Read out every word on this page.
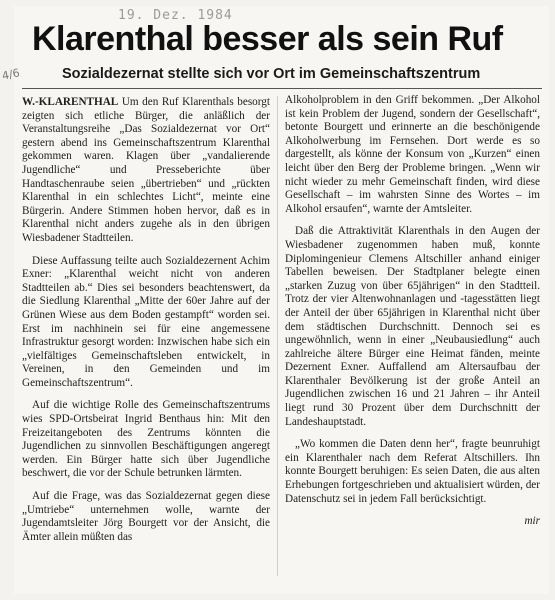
19. Dez. 1984
4/6
Klarenthal besser als sein Ruf
Sozialdezernat stellte sich vor Ort im Gemeinschaftszentrum

W.-KLARENTHAL Um den Ruf Klarenthals besorgt zeigten sich etliche Bürger, die anläßlich der Veranstaltungsreihe „Das Sozialdezernat vor Ort“ gestern abend ins Gemeinschaftszentrum Klarenthal gekommen waren. Klagen über „vandalierende Jugendliche“ und Presseberichte über Handtaschenraube seien „übertrieben“ und „rückten Klarenthal in ein schlechtes Licht“, meinte eine Bürgerin. Andere Stimmen hoben hervor, daß es in Klarenthal nicht anders zugehe als in den übrigen Wiesbadener Stadtteilen.

Diese Auffassung teilte auch Sozialdezernent Achim Exner: „Klarenthal weicht nicht von anderen Stadtteilen ab.“ Dies sei besonders beachtenswert, da die Siedlung Klarenthal „Mitte der 60er Jahre auf der Grünen Wiese aus dem Boden gestampft“ worden sei. Erst im nachhinein sei für eine angemessene Infrastruktur gesorgt worden: Inzwischen habe sich ein „vielfältiges Gemeinschaftsleben entwickelt, in Vereinen, in den Gemeinden und im Gemeinschaftszentrum“.

Auf die wichtige Rolle des Gemeinschaftszentrums wies SPD-Ortsbeirat Ingrid Benthaus hin: Mit den Freizeitangeboten des Zentrums könnten die Jugendlichen zu sinnvollen Beschäftigungen angeregt werden. Ein Bürger hatte sich über Jugendliche beschwert, die vor der Schule betrunken lärmten.

Auf die Frage, was das Sozialdezernat gegen diese „Umtriebe“ unternehmen wolle, warnte der Jugendamtsleiter Jörg Bourgett vor der Ansicht, die Ämter allein müßten das

Alkoholproblem in den Griff bekommen. „Der Alkohol ist kein Problem der Jugend, sondern der Gesellschaft“, betonte Bourgett und erinnerte an die beschönigende Alkoholwerbung im Fernsehen. Dort werde es so dargestellt, als könne der Konsum von „Kurzen“ einen leicht über den Berg der Probleme bringen. „Wenn wir nicht wieder zu mehr Gemeinschaft finden, wird diese Gesellschaft – im wahrsten Sinne des Wortes – im Alkohol ersaufen“, warnte der Amtsleiter.

Daß die Attraktivität Klarenthals in den Augen der Wiesbadener zugenommen haben muß, konnte Diplomingenieur Clemens Altschiller anhand einiger Tabellen beweisen. Der Stadtplaner belegte einen „starken Zuzug von über 65jährigen“ in den Stadtteil. Trotz der vier Altenwohnanlagen und -tagesstätten liegt der Anteil der über 65jährigen in Klarenthal nicht über dem städtischen Durchschnitt. Dennoch sei es ungewöhnlich, wenn in einer „Neubausiedlung“ auch zahlreiche ältere Bürger eine Heimat fänden, meinte Dezernent Exner. Auffallend am Altersaufbau der Klarenthaler Bevölkerung ist der große Anteil an Jugendlichen zwischen 16 und 21 Jahren – ihr Anteil liegt rund 30 Prozent über dem Durchschnitt der Landeshauptstadt.

„Wo kommen die Daten denn her“, fragte beunruhigt ein Klarenthaler nach dem Referat Altschillers. Ihn konnte Bourgett beruhigen: Es seien Daten, die aus alten Erhebungen fortgeschrieben und aktualisiert würden, der Datenschutz sei in jedem Fall berücksichtigt.

mir
